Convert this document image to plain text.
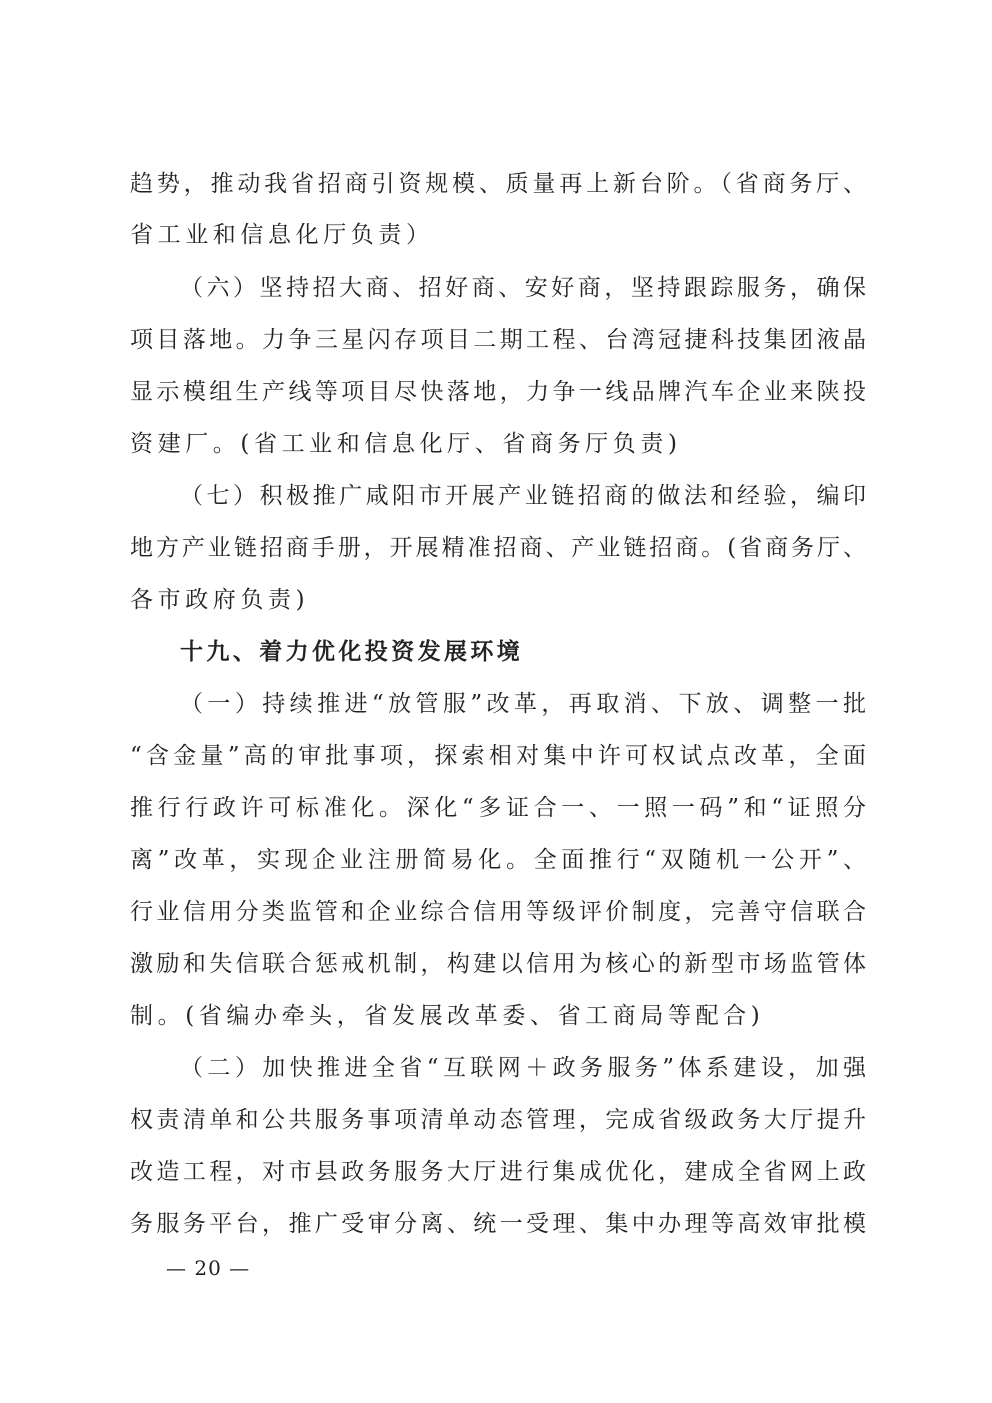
趋势，推动我省招商引资规模、质量再上新台阶。（省商务厅、
省工业和信息化厅负责）
（六）坚持招大商、招好商、安好商，坚持跟踪服务，确保
项目落地。力争三星闪存项目二期工程、台湾冠捷科技集团液晶
显示模组生产线等项目尽快落地，力争一线品牌汽车企业来陕投
资建厂。(省工业和信息化厅、省商务厅负责)
（七）积极推广咸阳市开展产业链招商的做法和经验，编印
地方产业链招商手册，开展精准招商、产业链招商。(省商务厅、
各市政府负责)
十九、着力优化投资发展环境
（一）持续推进“放管服”改革，再取消、下放、调整一批
“含金量”高的审批事项，探索相对集中许可权试点改革，全面
推行行政许可标准化。深化“多证合一、一照一码”和“证照分
离”改革，实现企业注册简易化。全面推行“双随机一公开”、
行业信用分类监管和企业综合信用等级评价制度，完善守信联合
激励和失信联合惩戒机制，构建以信用为核心的新型市场监管体
制。(省编办牵头，省发展改革委、省工商局等配合)
（二）加快推进全省“互联网＋政务服务”体系建设，加强
权责清单和公共服务事项清单动态管理，完成省级政务大厅提升
改造工程，对市县政务服务大厅进行集成优化，建成全省网上政
务服务平台，推广受审分离、统一受理、集中办理等高效审批模
— 20 —
